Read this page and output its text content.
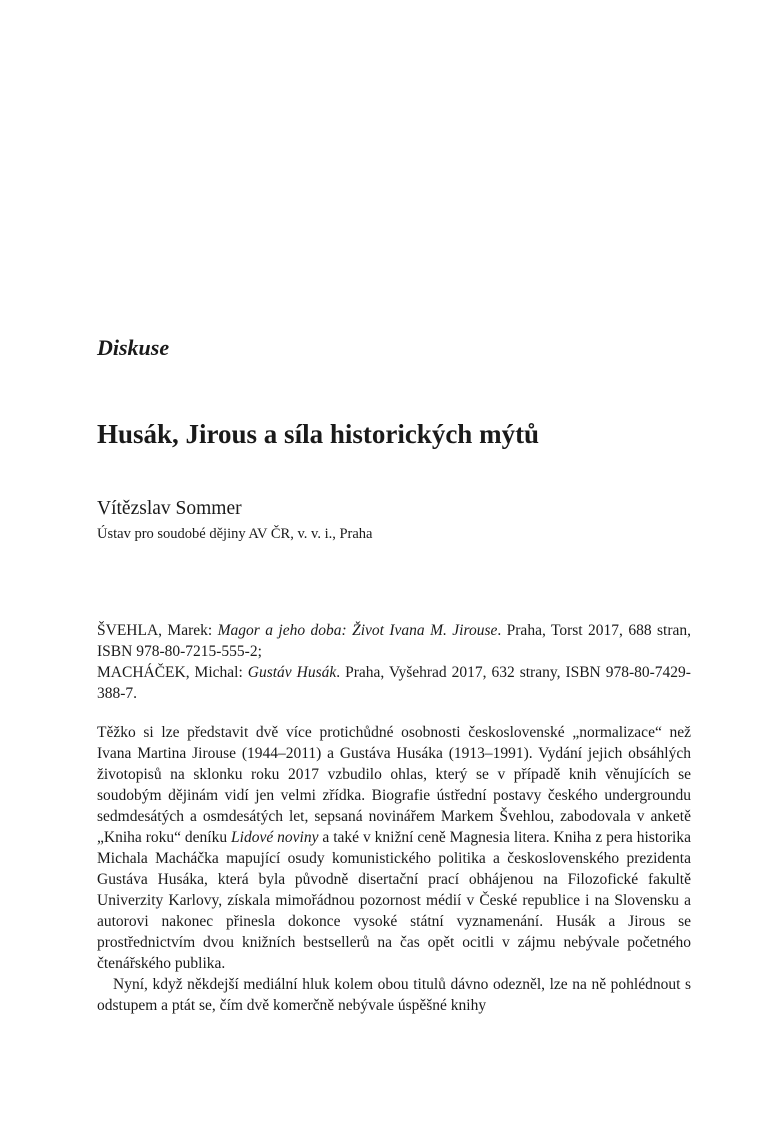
Diskuse
Husák, Jirous a síla historických mýtů

Vítězslav Sommer

Ústav pro soudobé dějiny AV ČR, v. v. i., Praha

ŠVEHLA, Marek: Magor a jeho doba: Život Ivana M. Jirouse. Praha, Torst 2017, 688 stran, ISBN 978-80-7215-555-2;

MACHÁČEK, Michal: Gustáv Husák. Praha, Vyšehrad 2017, 632 strany, ISBN 978-80-7429-388-7.

Těžko si lze představit dvě více protichůdné osobnosti československé „normalizace“ než Ivana Martina Jirouse (1944–2011) a Gustáva Husáka (1913–1991). Vydání jejich obsáhlých životopisů na sklonku roku 2017 vzbudilo ohlas, který se v případě knih věnujících se soudobým dějinám vidí jen velmi zřídka. Biografie ústřední postavy českého undergroundu sedmdesátých a osmdesátých let, sepsaná novinářem Markem Švehlou, zabodovala v anketě „Kniha roku“ deníku Lidové noviny a také v knižní ceně Magnesia litera. Kniha z pera historika Michala Macháčka mapující osudy komunistického politika a československého prezidenta Gustáva Husáka, která byla původně disertační prací obhájenou na Filozofické fakultě Univerzity Karlovy, získala mimořádnou pozornost médií v České republice i na Slovensku a autorovi nakonec přinesla dokonce vysoké státní vyznamenání. Husák a Jirous se prostřednictvím dvou knižních bestsellerů na čas opět ocitli v zájmu nebývale početného čtenářského publika.

Nyní, když někdejší mediální hluk kolem obou titulů dávno odezněl, lze na ně pohlédnout s odstupem a ptát se, čím dvě komerčně nebývale úspěšné knihy
